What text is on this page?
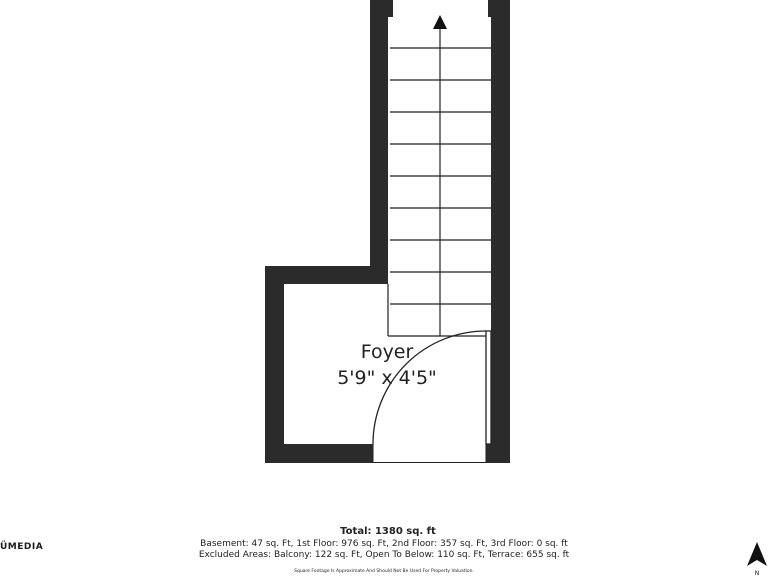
Foyer
5'9" x 4'5"
Total: 1380 sq. ft
Basement: 47 sq. Ft, 1st Floor: 976 sq. Ft, 2nd Floor: 357 sq. Ft, 3rd Floor: 0 sq. ft
Excluded Areas: Balcony: 122 sq. Ft, Open To Below: 110 sq. Ft, Terrace: 655 sq. ft
Square Footage Is Approximate And Should Not Be Used For Property Valuation.
ÜMEDIA
N
